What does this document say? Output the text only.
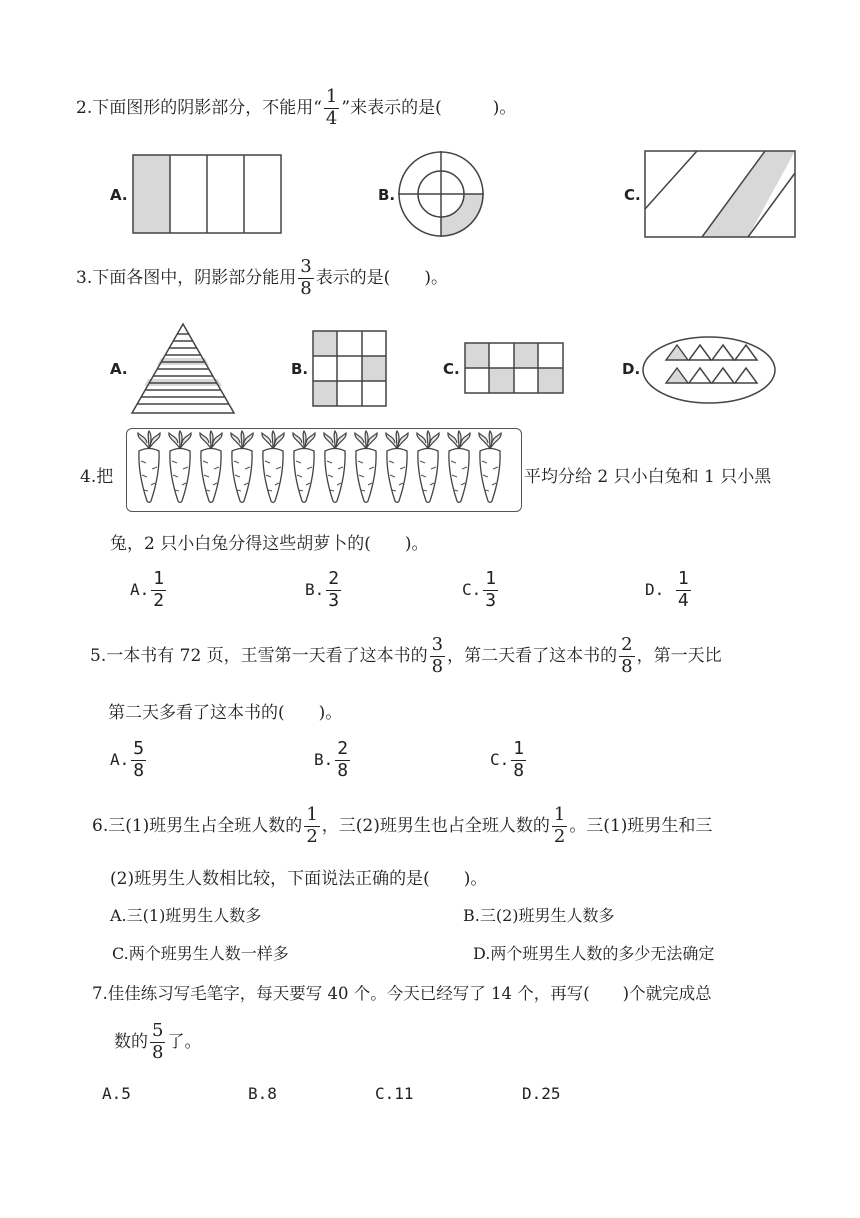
2.下面图形的阴影部分，不能用“ $\frac{1}{4}$ ”来表示的是(　　　)。
A.	B.	C.
3.下面各图中，阴影部分能用 $\frac{3}{8}$ 表示的是(　　)。
A.	B.	C.	D.
4.把	平均分给 2 只小白兔和 1 只小黑
兔，2 只小白兔分得这些胡萝卜的(　　)。
A. $\frac{1}{2}$	B. $\frac{2}{3}$	C. $\frac{1}{3}$	D. $\frac{1}{4}$
5.一本书有 72 页，王雪第一天看了这本书的 $\frac{3}{8}$ ，第二天看了这本书的 $\frac{2}{8}$ ，第一天比
第二天多看了这本书的(　　)。
A. $\frac{5}{8}$	B. $\frac{2}{8}$	C. $\frac{1}{8}$
6.三(1)班男生占全班人数的 $\frac{1}{2}$ ，三(2)班男生也占全班人数的 $\frac{1}{2}$ 。三(1)班男生和三
(2)班男生人数相比较，下面说法正确的是(　　)。
A.三(1)班男生人数多	B.三(2)班男生人数多
C.两个班男生人数一样多	D.两个班男生人数的多少无法确定
7.佳佳练习写毛笔字，每天要写 40 个。今天已经写了 14 个，再写(　　)个就完成总
数的 $\frac{5}{8}$ 了。
A.5	B.8	C.11	D.25
